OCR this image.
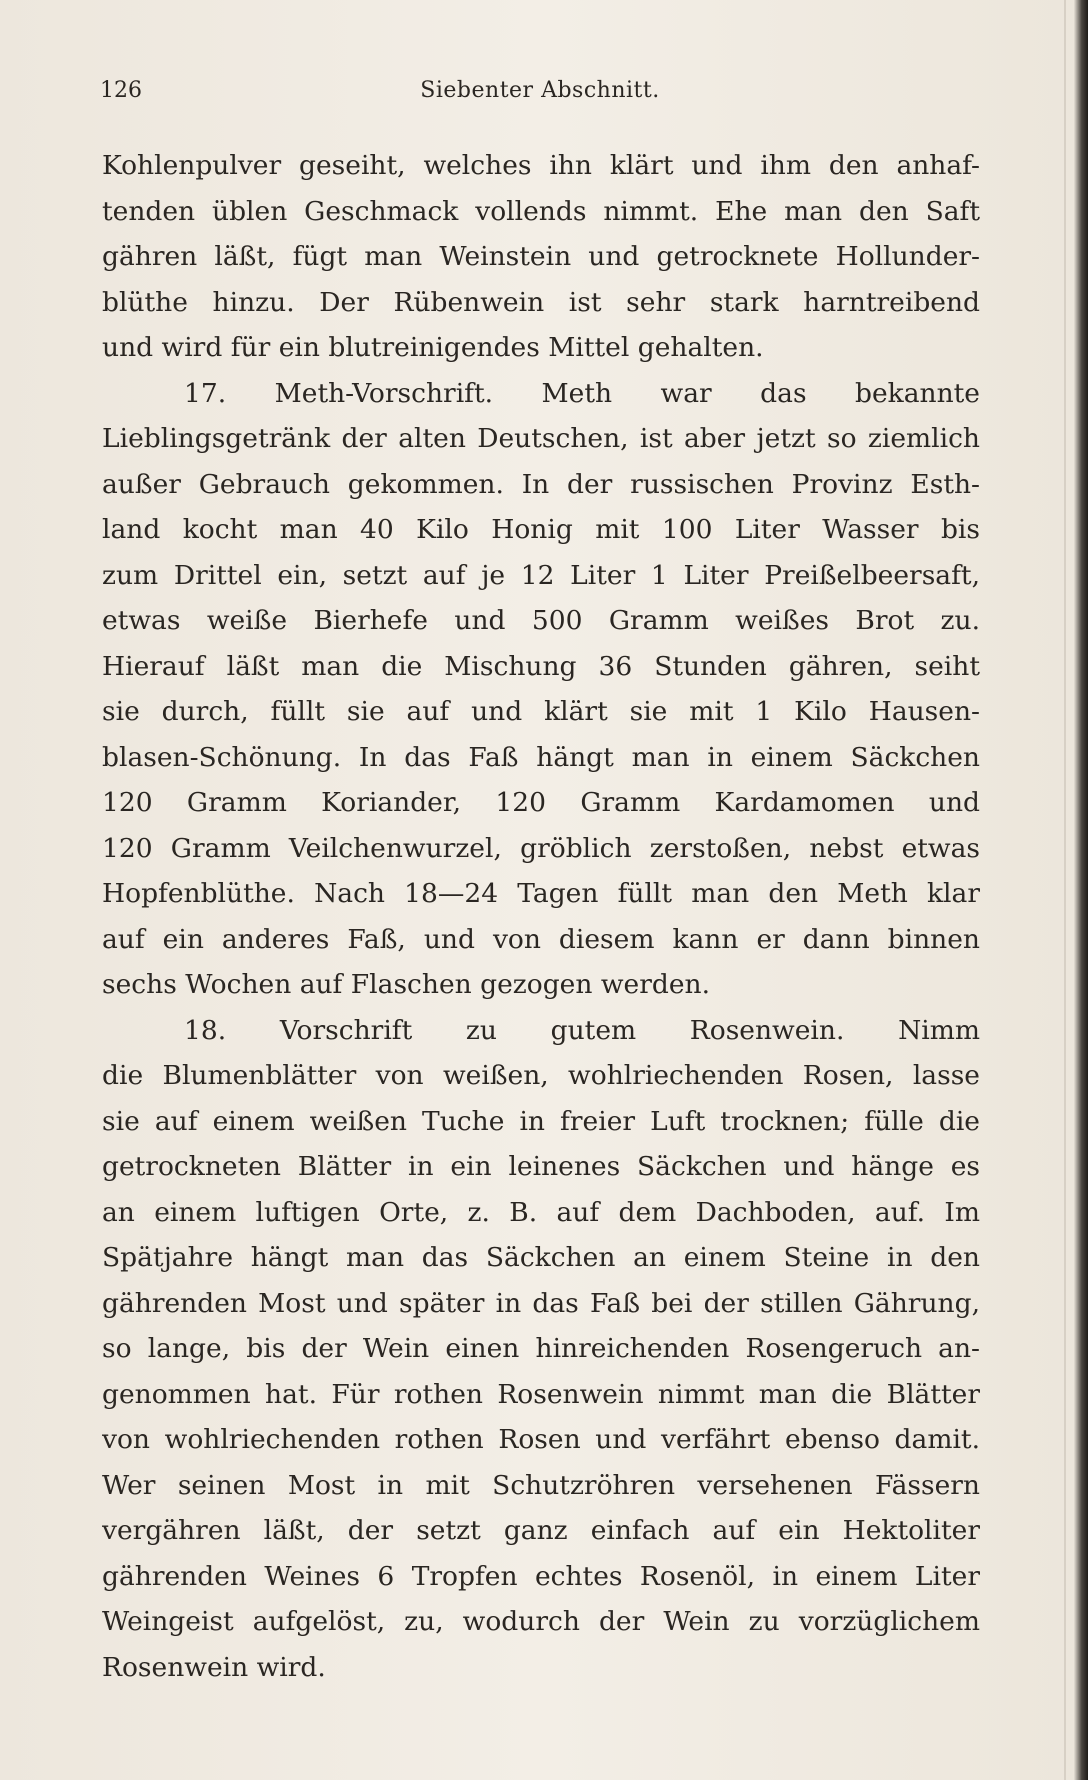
126	Siebenter Abschnitt.
Kohlenpulver geseiht, welches ihn klärt und ihm den anhaf-
tenden üblen Geschmack vollends nimmt. Ehe man den Saft
gähren läßt, fügt man Weinstein und getrocknete Hollunder-
blüthe hinzu. Der Rübenwein ist sehr stark harntreibend
und wird für ein blutreinigendes Mittel gehalten.
17. Meth-Vorschrift. Meth war das bekannte
Lieblingsgetränk der alten Deutschen, ist aber jetzt so ziemlich
außer Gebrauch gekommen. In der russischen Provinz Esth-
land kocht man 40 Kilo Honig mit 100 Liter Wasser bis
zum Drittel ein, setzt auf je 12 Liter 1 Liter Preißelbeersaft,
etwas weiße Bierhefe und 500 Gramm weißes Brot zu.
Hierauf läßt man die Mischung 36 Stunden gähren, seiht
sie durch, füllt sie auf und klärt sie mit 1 Kilo Hausen-
blasen-Schönung. In das Faß hängt man in einem Säckchen
120 Gramm Koriander, 120 Gramm Kardamomen und
120 Gramm Veilchenwurzel, gröblich zerstoßen, nebst etwas
Hopfenblüthe. Nach 18—24 Tagen füllt man den Meth klar
auf ein anderes Faß, und von diesem kann er dann binnen
sechs Wochen auf Flaschen gezogen werden.
18. Vorschrift zu gutem Rosenwein. Nimm
die Blumenblätter von weißen, wohlriechenden Rosen, lasse
sie auf einem weißen Tuche in freier Luft trocknen; fülle die
getrockneten Blätter in ein leinenes Säckchen und hänge es
an einem luftigen Orte, z. B. auf dem Dachboden, auf. Im
Spätjahre hängt man das Säckchen an einem Steine in den
gährenden Most und später in das Faß bei der stillen Gährung,
so lange, bis der Wein einen hinreichenden Rosengeruch an-
genommen hat. Für rothen Rosenwein nimmt man die Blätter
von wohlriechenden rothen Rosen und verfährt ebenso damit.
Wer seinen Most in mit Schutzröhren versehenen Fässern
vergähren läßt, der setzt ganz einfach auf ein Hektoliter
gährenden Weines 6 Tropfen echtes Rosenöl, in einem Liter
Weingeist aufgelöst, zu, wodurch der Wein zu vorzüglichem
Rosenwein wird.
